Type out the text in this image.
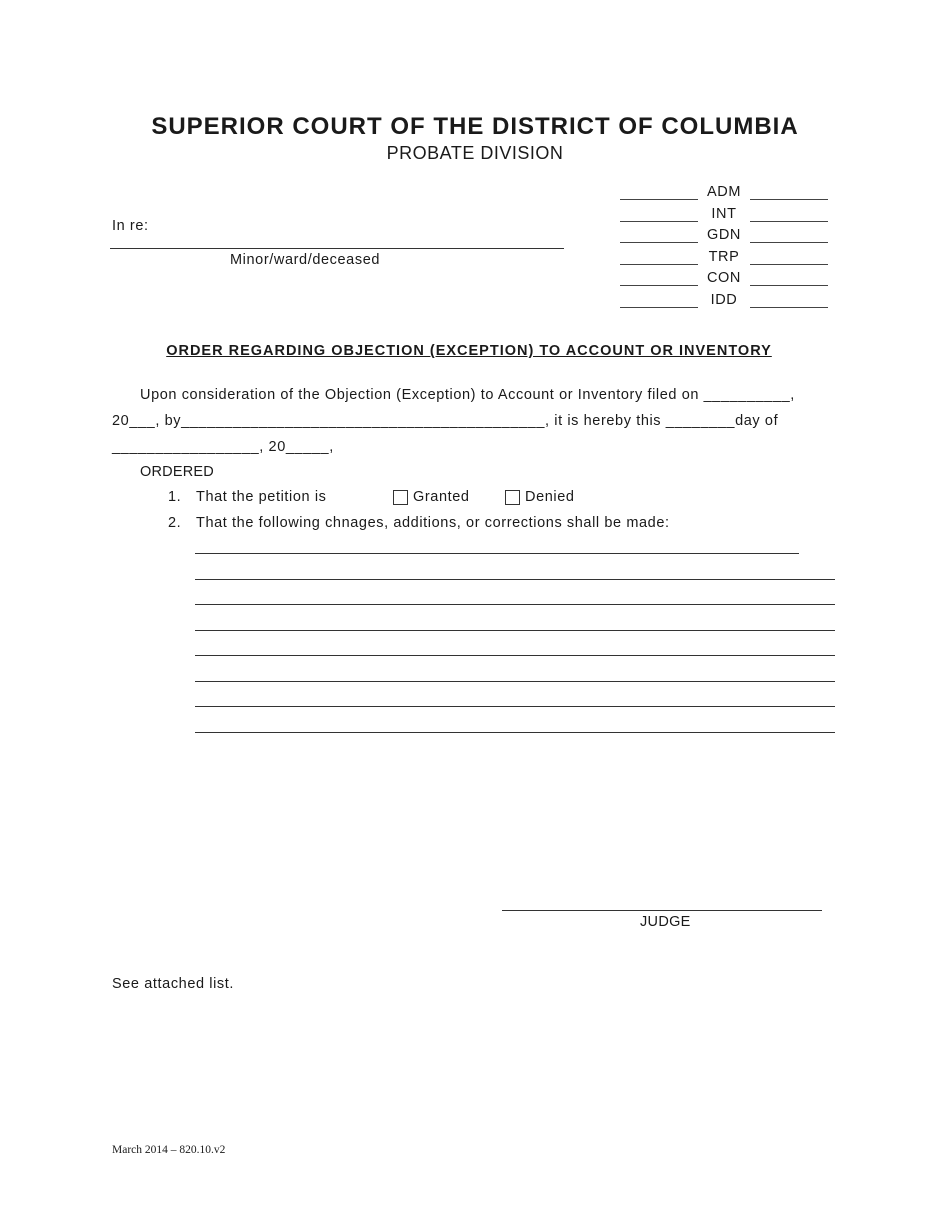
SUPERIOR COURT OF THE DISTRICT OF COLUMBIA
PROBATE DIVISION
In re:
Minor/ward/deceased
ADM
INT
GDN
TRP
CON
IDD
ORDER REGARDING OBJECTION (EXCEPTION) TO ACCOUNT OR INVENTORY
Upon consideration of the Objection (Exception) to Account or Inventory filed on __________,
20___, by__________________________________________, it is hereby this ________day of
_________________, 20_____,
ORDERED
1. That the petition is	Granted	Denied
2. That the following chnages, additions, or corrections shall be made:
JUDGE
See attached list.
March 2014 – 820.10.v2
